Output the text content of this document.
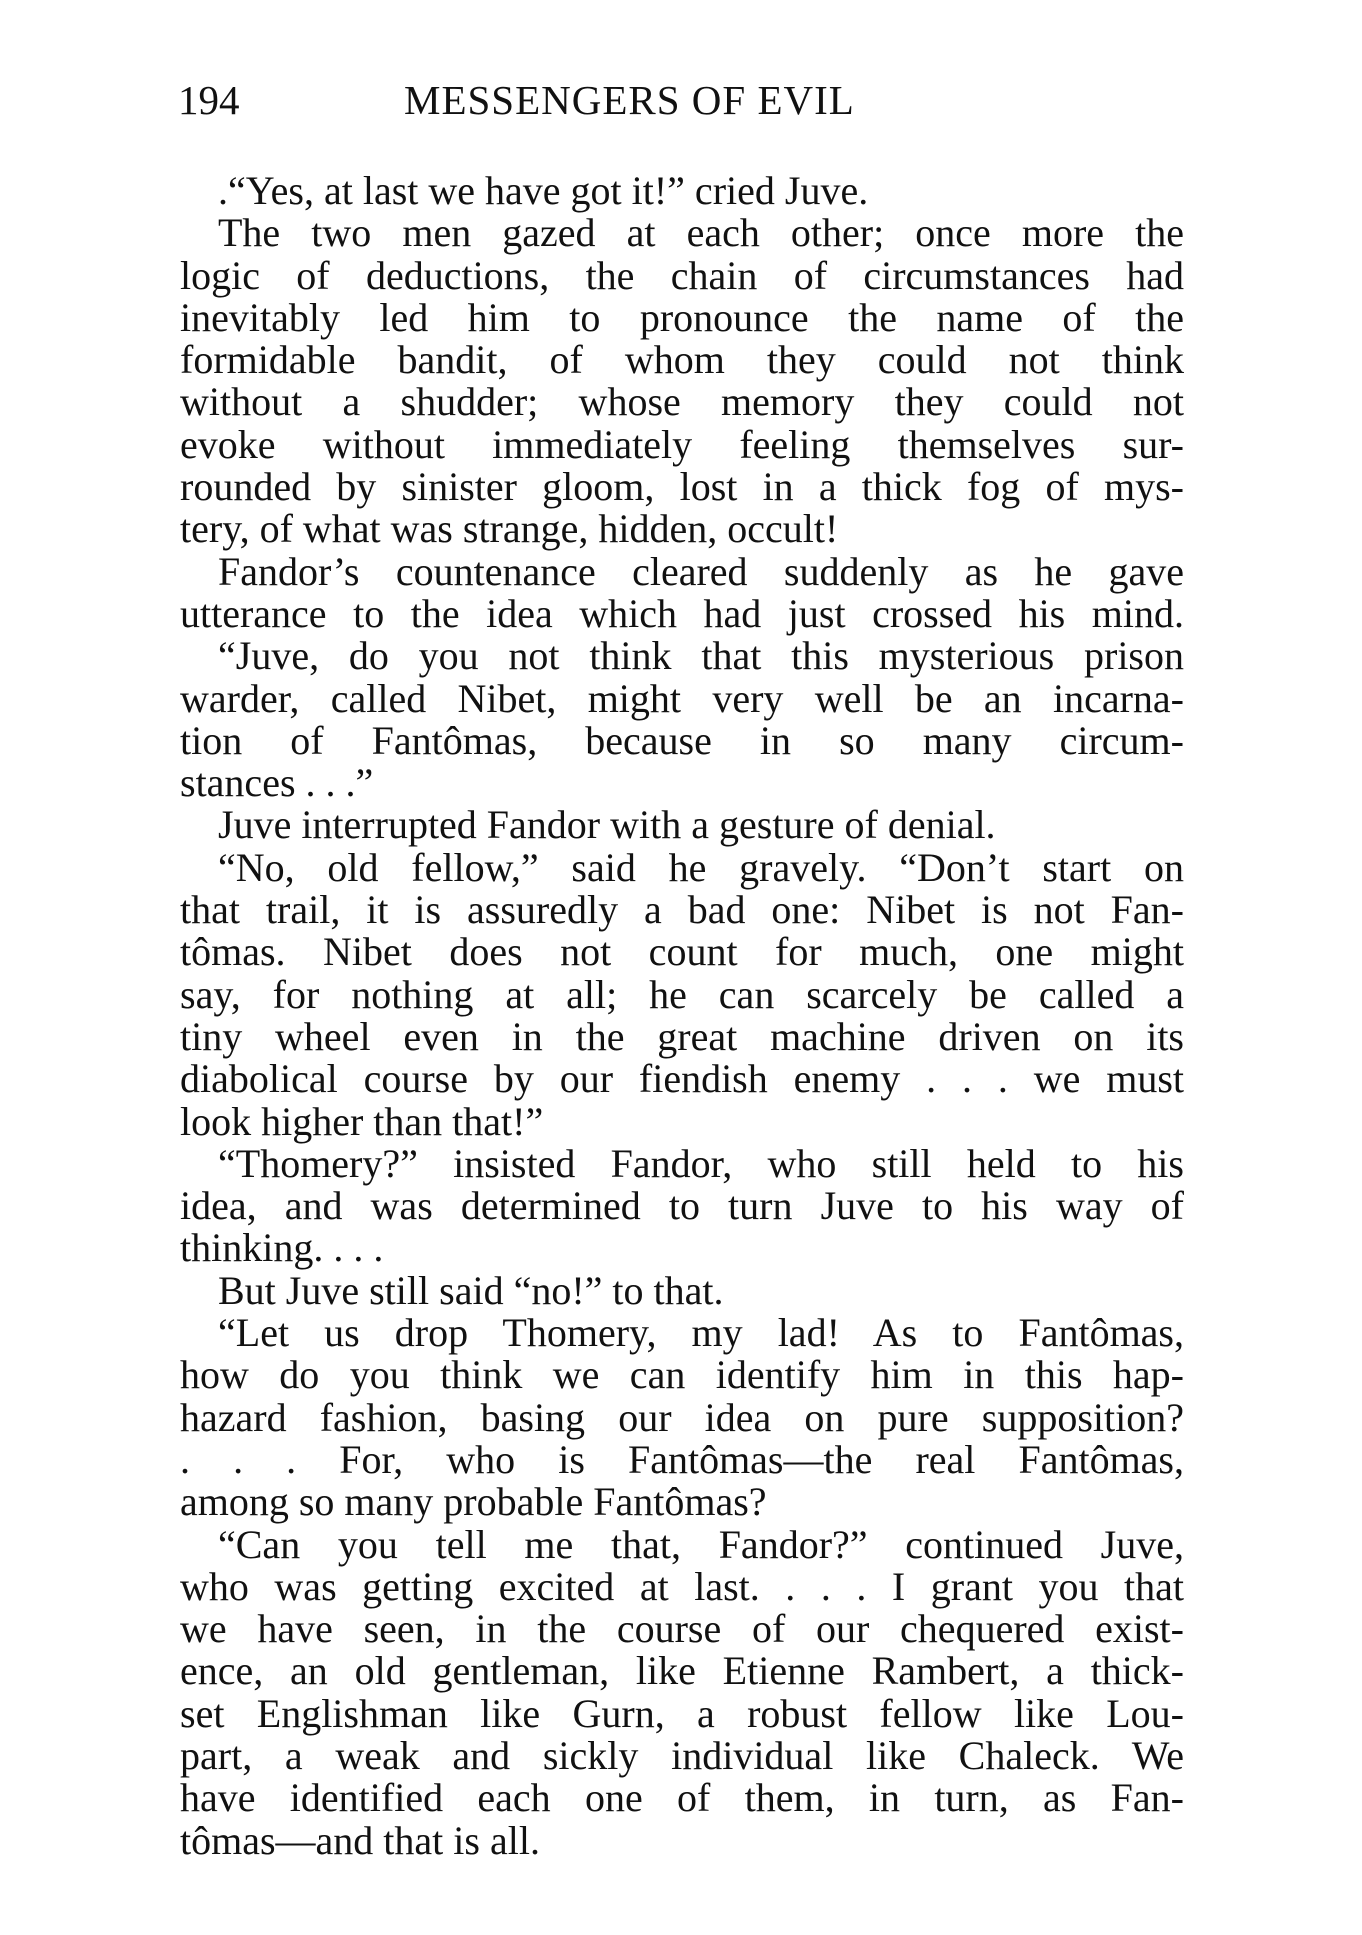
194	MESSENGERS OF EVIL
.“Yes, at last we have got it!” cried Juve.
The two men gazed at each other; once more the
logic of deductions, the chain of circumstances had
inevitably led him to pronounce the name of the
formidable bandit, of whom they could not think
without a shudder; whose memory they could not
evoke without immediately feeling themselves sur-
rounded by sinister gloom, lost in a thick fog of mys-
tery, of what was strange, hidden, occult!
Fandor’s countenance cleared suddenly as he gave
utterance to the idea which had just crossed his mind.
“Juve, do you not think that this mysterious prison
warder, called Nibet, might very well be an incarna-
tion of Fantômas, because in so many circum-
stances . . .”
Juve interrupted Fandor with a gesture of denial.
“No, old fellow,” said he gravely. “Don’t start on
that trail, it is assuredly a bad one: Nibet is not Fan-
tômas. Nibet does not count for much, one might
say, for nothing at all; he can scarcely be called a
tiny wheel even in the great machine driven on its
diabolical course by our fiendish enemy . . . we must
look higher than that!”
“Thomery?” insisted Fandor, who still held to his
idea, and was determined to turn Juve to his way of
thinking. . . .
But Juve still said “no!” to that.
“Let us drop Thomery, my lad! As to Fantômas,
how do you think we can identify him in this hap-
hazard fashion, basing our idea on pure supposition?
. . . For, who is Fantômas—the real Fantômas,
among so many probable Fantômas?
“Can you tell me that, Fandor?” continued Juve,
who was getting excited at last. . . . I grant you that
we have seen, in the course of our chequered exist-
ence, an old gentleman, like Etienne Rambert, a thick-
set Englishman like Gurn, a robust fellow like Lou-
part, a weak and sickly individual like Chaleck. We
have identified each one of them, in turn, as Fan-
tômas—and that is all.
